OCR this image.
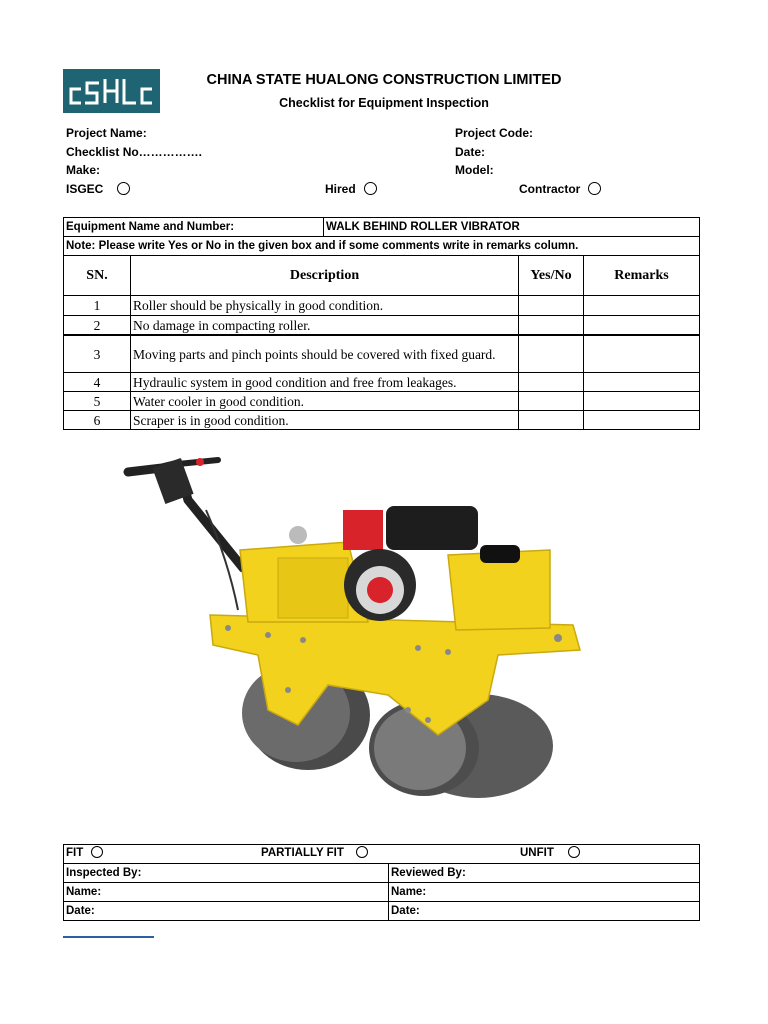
CHINA STATE HUALONG CONSTRUCTION LIMITED
Checklist for Equipment Inspection
Project Name:	Project Code:
Checklist No…………….	Date:
Make:	Model:
ISGEC	Hired	Contractor
Equipment Name and Number:	WALK BEHIND ROLLER VIBRATOR
Note: Please write Yes or No in the given box and if some comments write in remarks column.
SN.	Description	Yes/No	Remarks
1	Roller should be physically in good condition.		
2	No damage in compacting roller.		
3	Moving parts and pinch points should be covered with fixed guard.		
4	Hydraulic system in good condition and free from leakages.		
5	Water cooler in good condition.		
6	Scraper is in good condition.		
FIT PARTIALLY FIT UNFIT	

Inspected By:	Reviewed By:
Name:	Name:
Date:	Date:
